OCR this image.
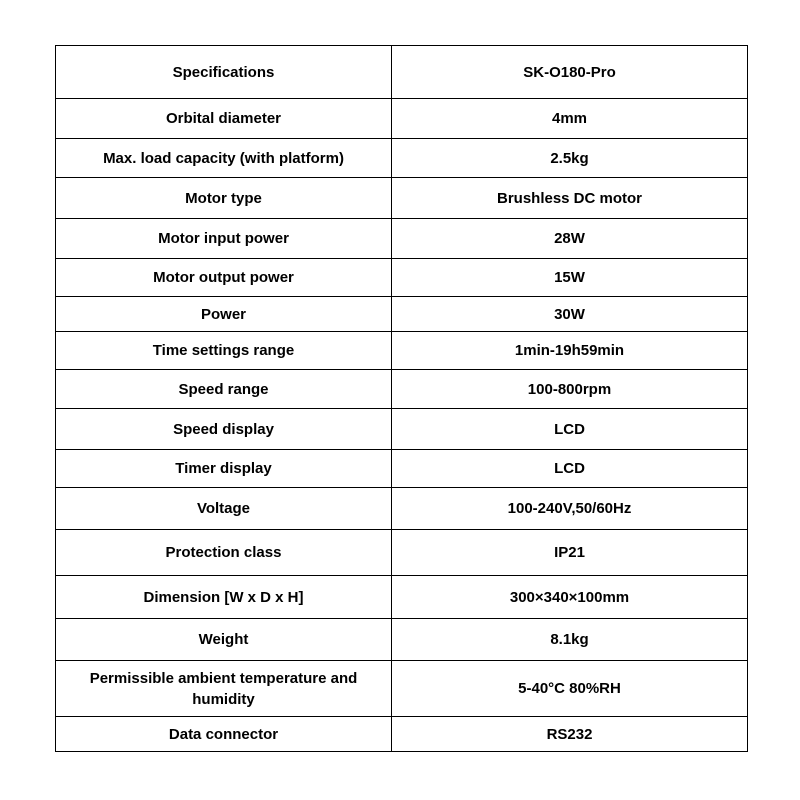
Specifications	SK-O180-Pro
Orbital diameter	4mm
Max. load capacity (with platform)	2.5kg
Motor type	Brushless DC motor
Motor input power	28W
Motor output power	15W
Power	30W
Time settings range	1min-19h59min
Speed range	100-800rpm
Speed display	LCD
Timer display	LCD
Voltage	100-240V,50/60Hz
Protection class	IP21
Dimension [W x D x H]	300×340×100mm
Weight	8.1kg
Permissible ambient temperature and humidity	5-40°C 80%RH
Data connector	RS232
